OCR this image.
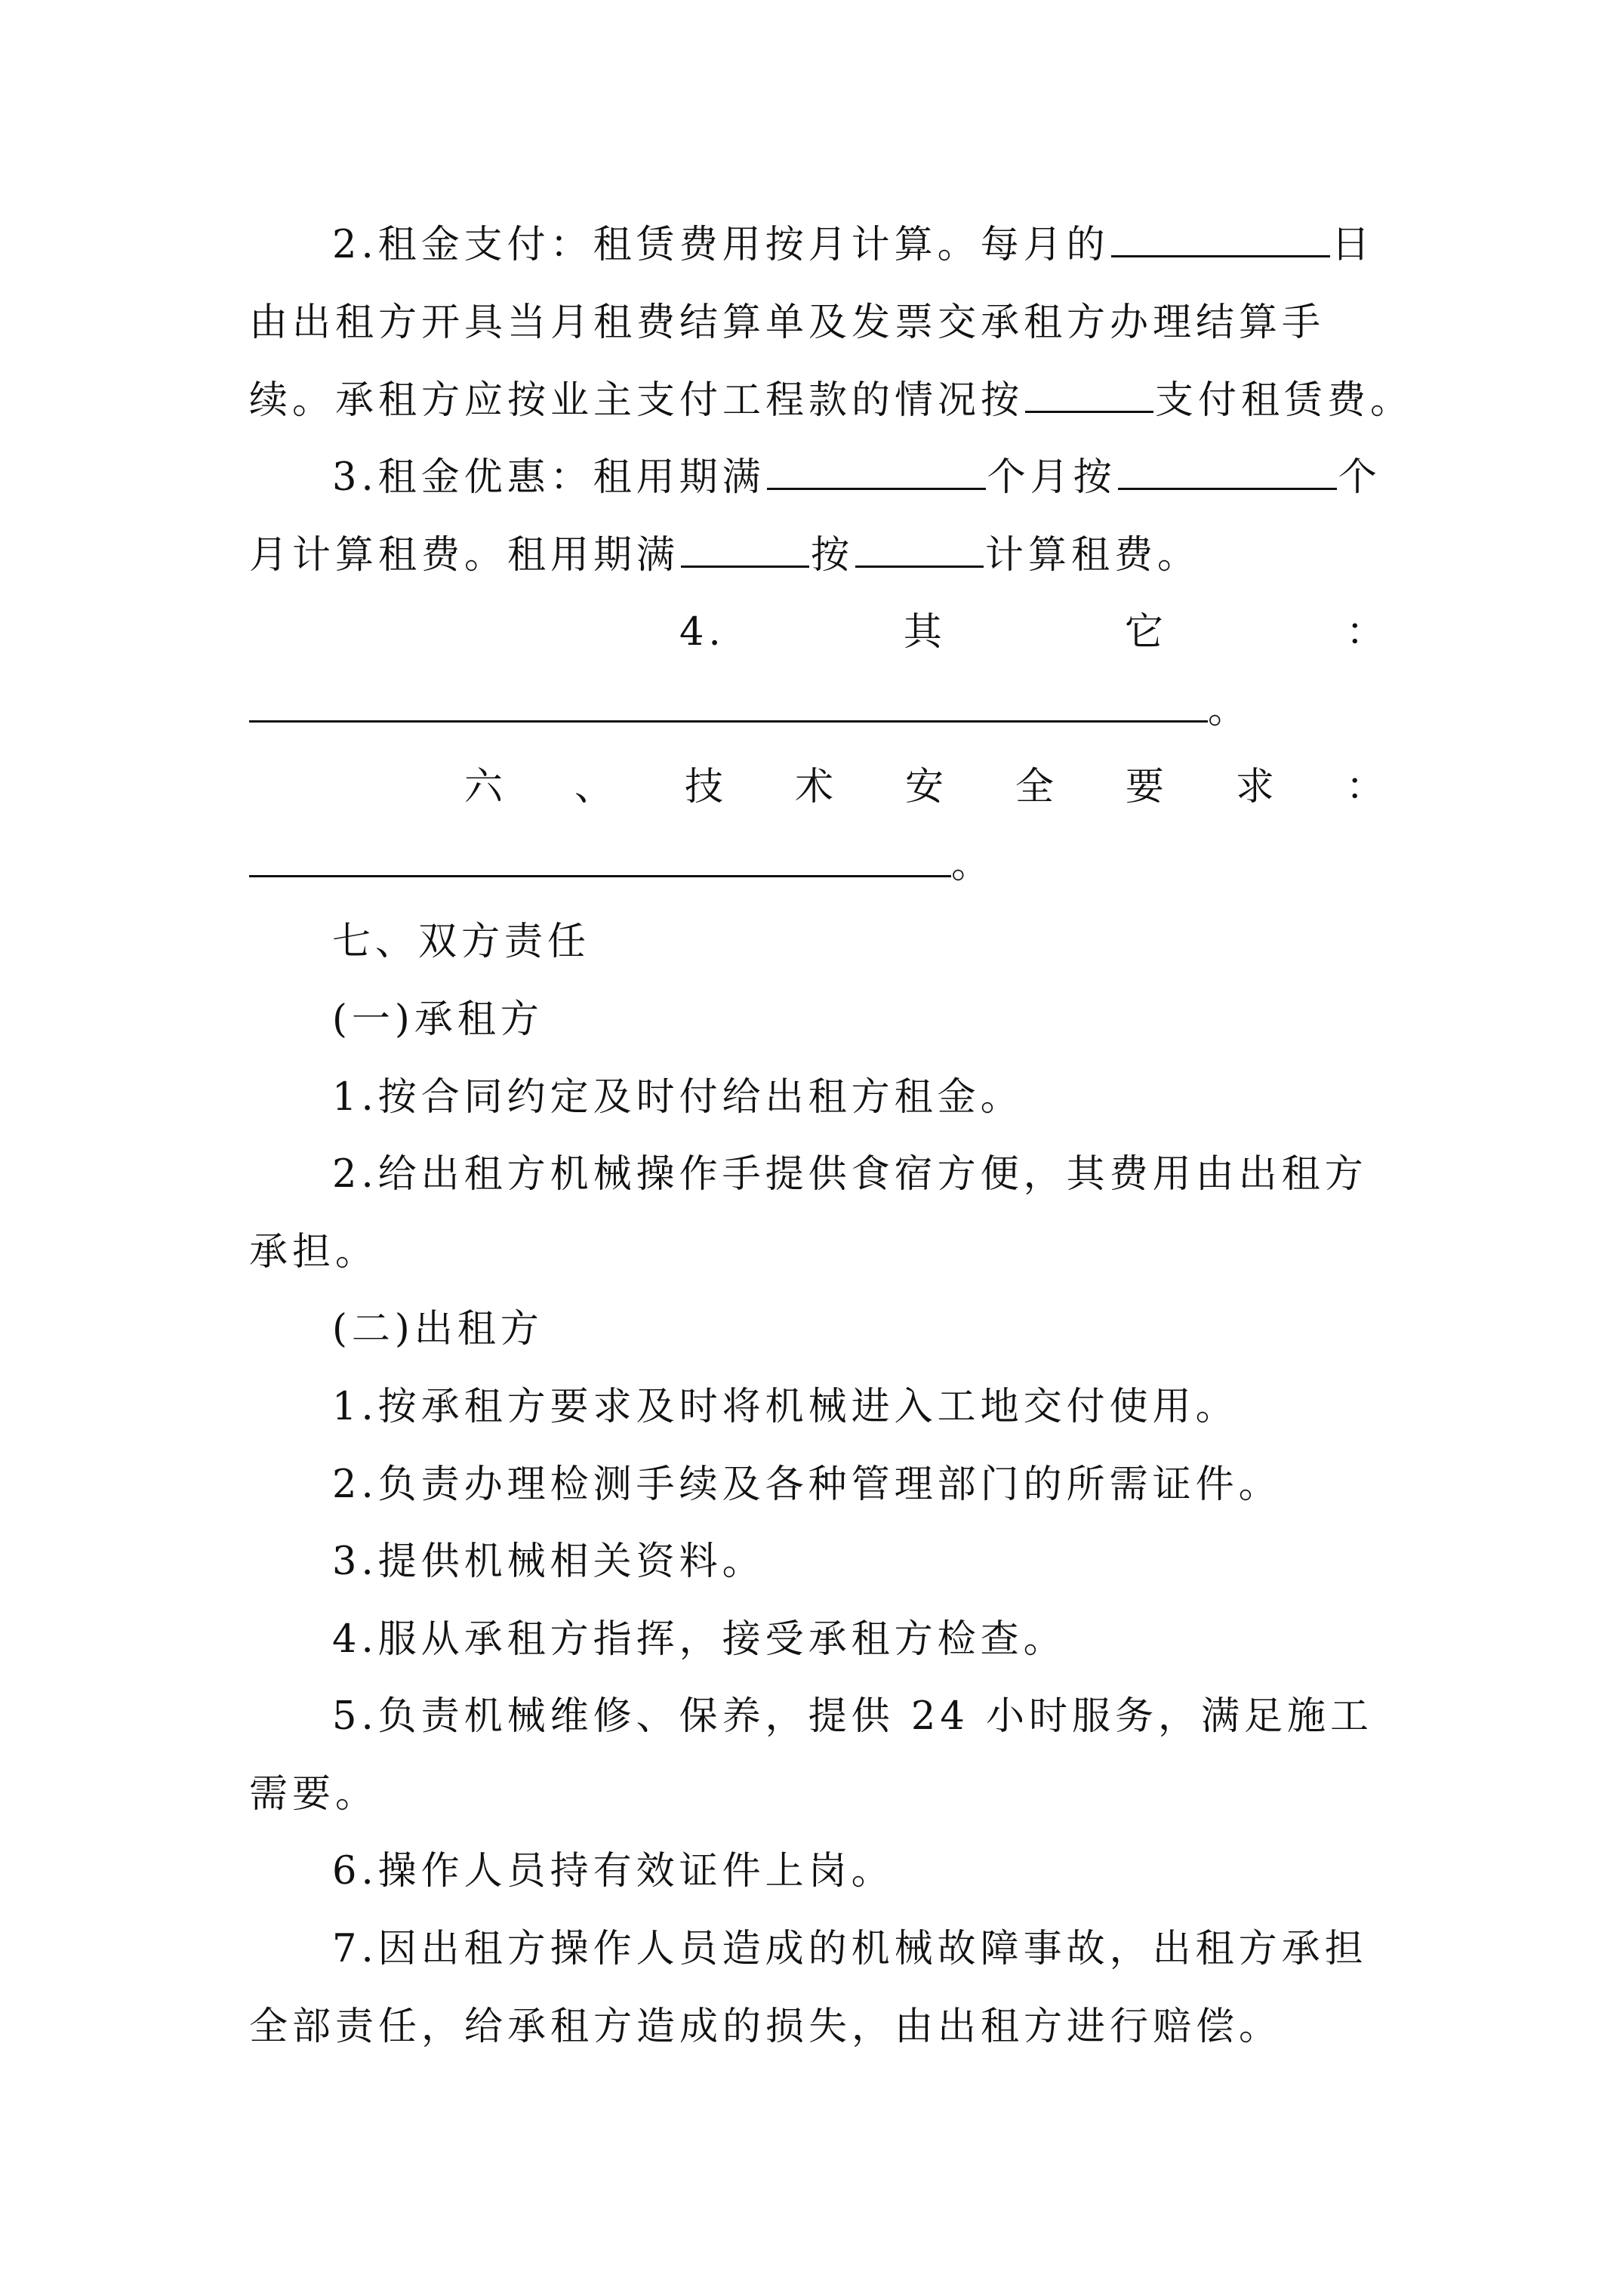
2.租金支付：租赁费用按月计算。每月的	日
由出租方开具当月租费结算单及发票交承租方办理结算手
续。承租方应按业主支付工程款的情况按	支付租赁费。
3.租金优惠：租用期满	个月按	个
月计算租费。租用期满	按	计算租费。
4.	其	它	：
。
六 、 技 术 安 全 要 求 ：
。
七、双方责任
(一)承租方
1.按合同约定及时付给出租方租金。
2.给出租方机械操作手提供食宿方便，其费用由出租方
承担。
(二)出租方
1.按承租方要求及时将机械进入工地交付使用。
2.负责办理检测手续及各种管理部门的所需证件。
3.提供机械相关资料。
4.服从承租方指挥，接受承租方检查。
5.负责机械维修、保养，提供 24 小时服务，满足施工
需要。
6.操作人员持有效证件上岗。
7.因出租方操作人员造成的机械故障事故，出租方承担
全部责任，给承租方造成的损失，由出租方进行赔偿。
